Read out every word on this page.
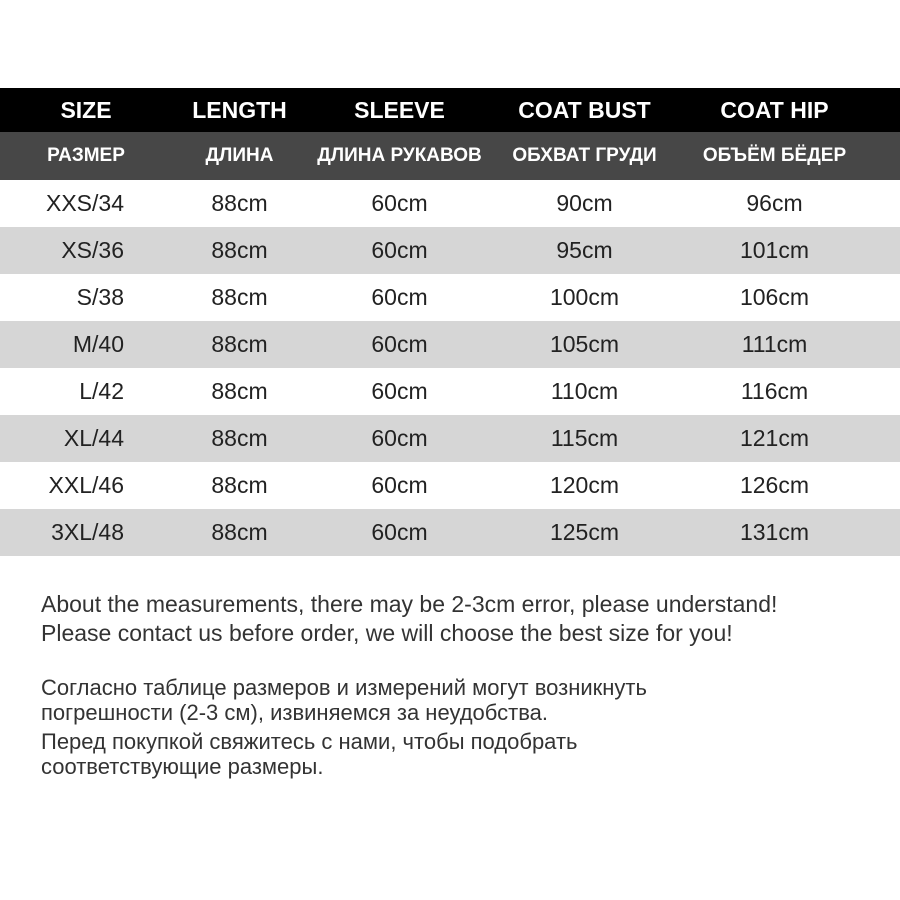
SIZE	LENGTH	SLEEVE	COAT BUST	COAT HIP
РАЗМЕР	ДЛИНА	ДЛИНА РУКАВОВ	ОБХВАТ ГРУДИ	ОБЪЁМ БЁДЕР
XXS/34	88cm	60cm	90cm	96cm
XS/36	88cm	60cm	95cm	101cm
S/38	88cm	60cm	100cm	106cm
M/40	88cm	60cm	105cm	111cm
L/42	88cm	60cm	110cm	116cm
XL/44	88cm	60cm	115cm	121cm
XXL/46	88cm	60cm	120cm	126cm
3XL/48	88cm	60cm	125cm	131cm
About the measurements, there may be 2-3cm error, please understand!
Please contact us before order, we will choose the best size for you!
Согласно таблице размеров и измерений могут возникнуть
погрешности (2-3 см), извиняемся за неудобства.
Перед покупкой свяжитесь с нами, чтобы подобрать
соответствующие размеры.
